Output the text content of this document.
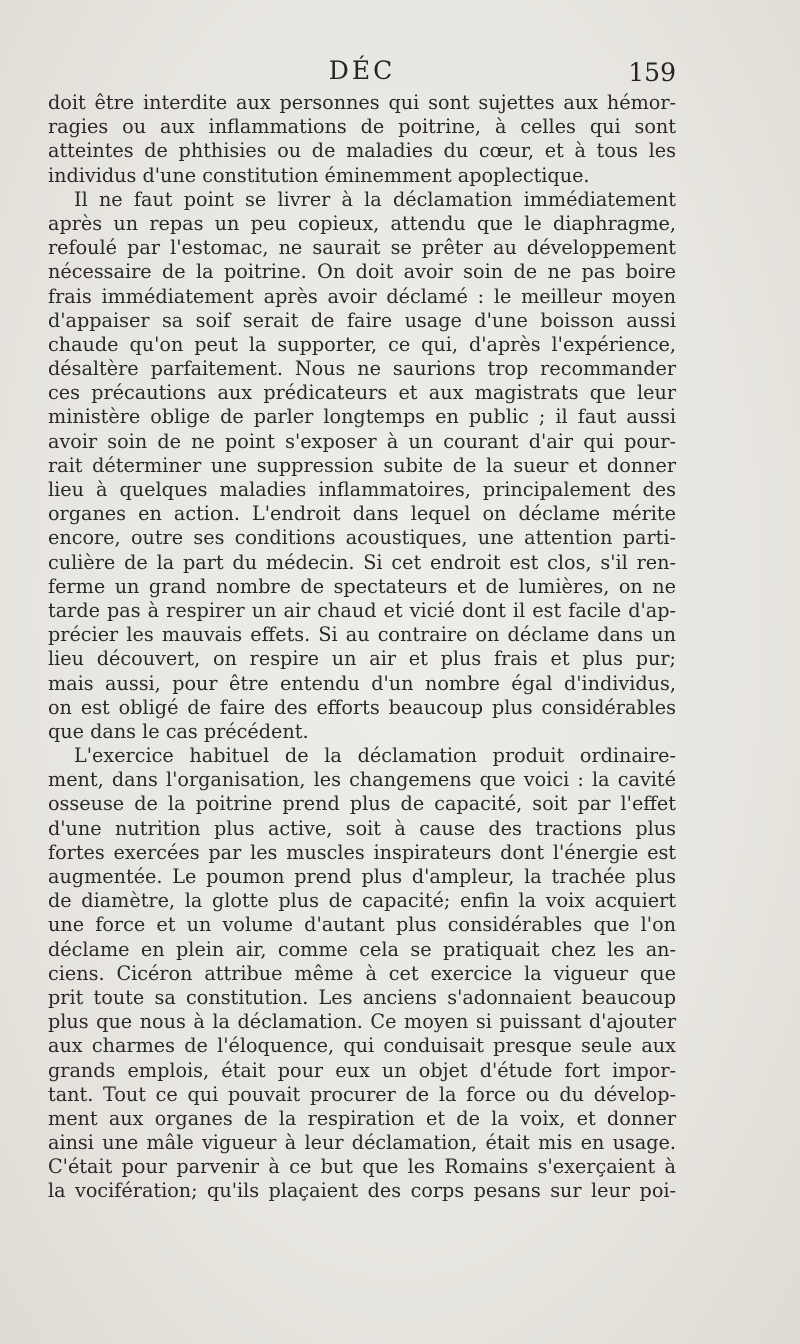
DÉC	159
doit être interdite aux personnes qui sont sujettes aux hémor-
ragies ou aux inflammations de poitrine, à celles qui sont
atteintes de phthisies ou de maladies du cœur, et à tous les
individus d'une constitution éminemment apoplectique.
Il ne faut point se livrer à la déclamation immédiatement
après un repas un peu copieux, attendu que le diaphragme,
refoulé par l'estomac, ne saurait se prêter au développement
nécessaire de la poitrine. On doit avoir soin de ne pas boire
frais immédiatement après avoir déclamé : le meilleur moyen
d'appaiser sa soif serait de faire usage d'une boisson aussi
chaude qu'on peut la supporter, ce qui, d'après l'expérience,
désaltère parfaitement. Nous ne saurions trop recommander
ces précautions aux prédicateurs et aux magistrats que leur
ministère oblige de parler longtemps en public ; il faut aussi
avoir soin de ne point s'exposer à un courant d'air qui pour-
rait déterminer une suppression subite de la sueur et donner
lieu à quelques maladies inflammatoires, principalement des
organes en action. L'endroit dans lequel on déclame mérite
encore, outre ses conditions acoustiques, une attention parti-
culière de la part du médecin. Si cet endroit est clos, s'il ren-
ferme un grand nombre de spectateurs et de lumières, on ne
tarde pas à respirer un air chaud et vicié dont il est facile d'ap-
précier les mauvais effets. Si au contraire on déclame dans un
lieu découvert, on respire un air et plus frais et plus pur;
mais aussi, pour être entendu d'un nombre égal d'individus,
on est obligé de faire des efforts beaucoup plus considérables
que dans le cas précédent.
L'exercice habituel de la déclamation produit ordinaire-
ment, dans l'organisation, les changemens que voici : la cavité
osseuse de la poitrine prend plus de capacité, soit par l'effet
d'une nutrition plus active, soit à cause des tractions plus
fortes exercées par les muscles inspirateurs dont l'énergie est
augmentée. Le poumon prend plus d'ampleur, la trachée plus
de diamètre, la glotte plus de capacité; enfin la voix acquiert
une force et un volume d'autant plus considérables que l'on
déclame en plein air, comme cela se pratiquait chez les an-
ciens. Cicéron attribue même à cet exercice la vigueur que
prit toute sa constitution. Les anciens s'adonnaient beaucoup
plus que nous à la déclamation. Ce moyen si puissant d'ajouter
aux charmes de l'éloquence, qui conduisait presque seule aux
grands emplois, était pour eux un objet d'étude fort impor-
tant. Tout ce qui pouvait procurer de la force ou du dévelop-
ment aux organes de la respiration et de la voix, et donner
ainsi une mâle vigueur à leur déclamation, était mis en usage.
C'était pour parvenir à ce but que les Romains s'exerçaient à
la vocifération; qu'ils plaçaient des corps pesans sur leur poi-
